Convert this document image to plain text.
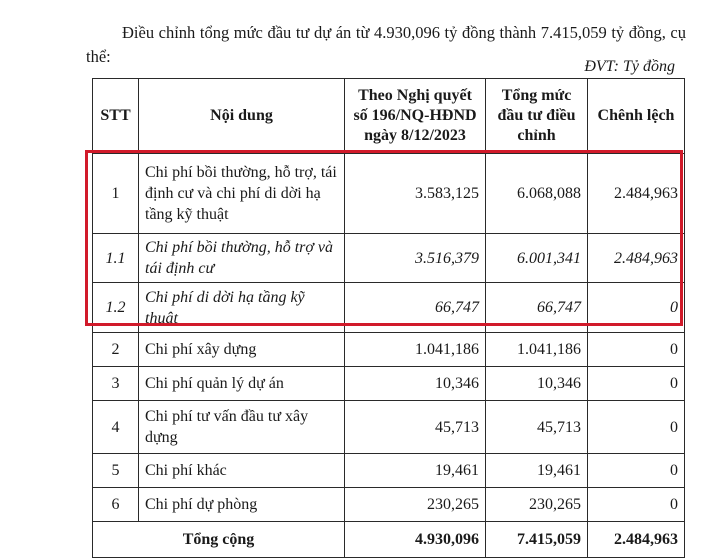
Điều chỉnh tổng mức đầu tư dự án từ 4.930,096 tỷ đồng thành 7.415,059 tỷ đồng, cụ thể:

ĐVT: Tỷ đồng
STT	Nội dung	Theo Nghị quyết số 196/NQ-HĐND ngày 8/12/2023	Tổng mức đầu tư điều chỉnh	Chênh lệch
1	Chi phí bồi thường, hỗ trợ, tái định cư và chi phí di dời hạ tầng kỹ thuật	3.583,125	6.068,088	2.484,963
1.1	Chi phí bồi thường, hỗ trợ và tái định cư	3.516,379	6.001,341	2.484,963
1.2	Chi phí di dời hạ tầng kỹ thuật	66,747	66,747	0
2	Chi phí xây dựng	1.041,186	1.041,186	0
3	Chi phí quản lý dự án	10,346	10,346	0
4	Chi phí tư vấn đầu tư xây dựng	45,713	45,713	0
5	Chi phí khác	19,461	19,461	0
6	Chi phí dự phòng	230,265	230,265	0
Tổng cộng		4.930,096	7.415,059	2.484,963
